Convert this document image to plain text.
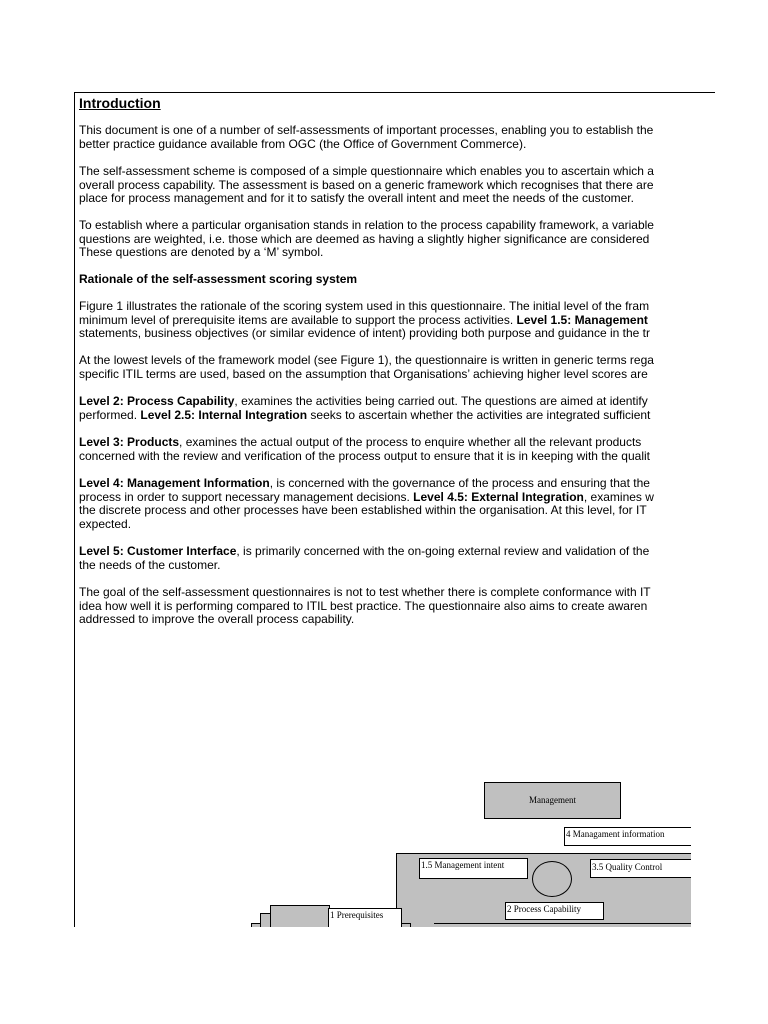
Introduction
This document is one of a number of self-assessments of important processes, enabling you to establish the
better practice guidance available from OGC (the Office of Government Commerce).
The self-assessment scheme is composed of a simple questionnaire which enables you to ascertain which a
overall process capability. The assessment is based on a generic framework which recognises that there are
place for process management and for it to satisfy the overall intent and meet the needs of the customer.
To establish where a particular organisation stands in relation to the process capability framework, a variable
questions are weighted, i.e. those which are deemed as having a slightly higher significance are considered
These questions are denoted by a ‘M’ symbol.
Rationale of the self-assessment scoring system
Figure 1 illustrates the rationale of the scoring system used in this questionnaire. The initial level of the fram
minimum level of prerequisite items are available to support the process activities. Level 1.5: Management
statements, business objectives (or similar evidence of intent) providing both purpose and guidance in the tr
At the lowest levels of the framework model (see Figure 1), the questionnaire is written in generic terms rega
specific ITIL terms are used, based on the assumption that Organisations’ achieving higher level scores are
Level 2: Process Capability, examines the activities being carried out. The questions are aimed at identify
performed. Level 2.5: Internal Integration seeks to ascertain whether the activities are integrated sufficient
Level 3: Products, examines the actual output of the process to enquire whether all the relevant products
concerned with the review and verification of the process output to ensure that it is in keeping with the qualit
Level 4: Management Information, is concerned with the governance of the process and ensuring that the
process in order to support necessary management decisions. Level 4.5: External Integration, examines w
the discrete process and other processes have been established within the organisation. At this level, for IT
expected.
Level 5: Customer Interface, is primarily concerned with the on-going external review and validation of the
the needs of the customer.
The goal of the self-assessment questionnaires is not to test whether there is complete conformance with IT
idea how well it is performing compared to ITIL best practice. The questionnaire also aims to create awaren
addressed to improve the overall process capability.
Management
4 Managament information
1.5 Management intent	3.5 Quality Control
2 Process Capability
1 Prerequisites
